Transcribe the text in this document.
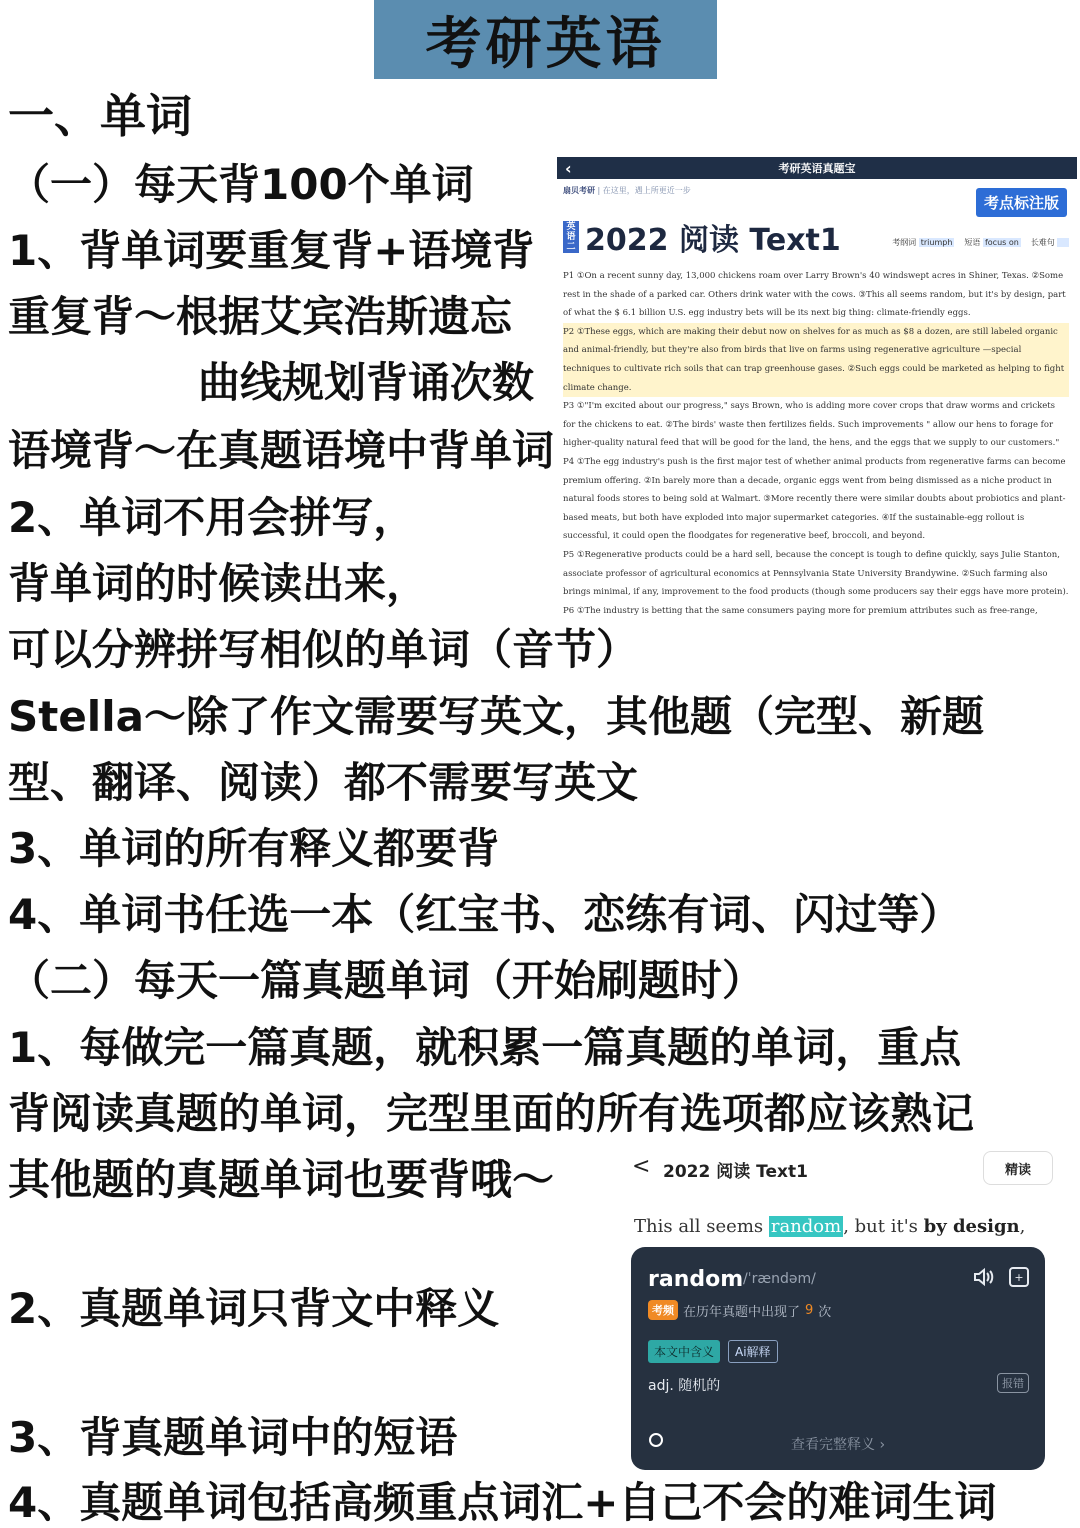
考研英语
一、单词
（一）每天背100个单词
1、背单词要重复背+语境背
重复背～根据艾宾浩斯遗忘
曲线规划背诵次数
语境背～在真题语境中背单词
2、单词不用会拼写，
背单词的时候读出来，
可以分辨拼写相似的单词（音节）
Stella～除了作文需要写英文，其他题（完型、新题
型、翻译、阅读）都不需要写英文
3、单词的所有释义都要背
4、单词书任选一本（红宝书、恋练有词、闪过等）
（二）每天一篇真题单词（开始刷题时）
1、每做完一篇真题，就积累一篇真题的单词，重点
背阅读真题的单词，完型里面的所有选项都应该熟记
其他题的真题单词也要背哦～
2、真题单词只背文中释义
3、背真题单词中的短语
4、真题单词包括高频重点词汇+自己不会的难词生词
‹	考研英语真题宝
扇贝考研 | 在这里，遇上所更近一步
考点标注版
英语二 2022 阅读 Text1	考纲词 triumph 短语 focus on 长难句

P1 ①On a recent sunny day, 13,000 chickens roam over Larry Brown's 40 windswept acres in Shiner, Texas. ②Some rest in the shade of a parked car. Others drink water with the cows. ③This all seems random, but it's by design, part of what the $ 6.1 billion U.S. egg industry bets will be its next big thing: climate-friendly eggs.

P2 ①These eggs, which are making their debut now on shelves for as much as $8 a dozen, are still labeled organic and animal-friendly, but they're also from birds that live on farms using regenerative agriculture —special techniques to cultivate rich soils that can trap greenhouse gases. ②Such eggs could be marketed as helping to fight climate change.

P3 ①"I'm excited about our progress," says Brown, who is adding more cover crops that draw worms and crickets for the chickens to eat. ②The birds' waste then fertilizes fields. Such improvements " allow our hens to forage for higher-quality natural feed that will be good for the land, the hens, and the eggs that we supply to our customers."

P4 ①The egg industry's push is the first major test of whether animal products from regenerative farms can become premium offering. ②In barely more than a decade, organic eggs went from being dismissed as a niche product in natural foods stores to being sold at Walmart. ③More recently there were similar doubts about probiotics and plant-based meats, but both have exploded into major supermarket categories. ④If the sustainable-egg rollout is successful, it could open the floodgates for regenerative beef, broccoli, and beyond.

P5 ①Regenerative products could be a hard sell, because the concept is tough to define quickly, says Julie Stanton, associate professor of agricultural economics at Pennsylvania State University Brandywine. ②Such farming also brings minimal, if any, improvement to the food products (though some producers say their eggs have more protein).

P6 ①The industry is betting that the same consumers paying more for premium attributes such as free-range,

< 2022 阅读 Text1	精读
This all seems random , but it's by design,
random /ˈrændəm/	+
考频 在历年真题中出现了 9 次
本文中含义	Ai解释
adj. 随机的	报错
查看完整释义 ›
